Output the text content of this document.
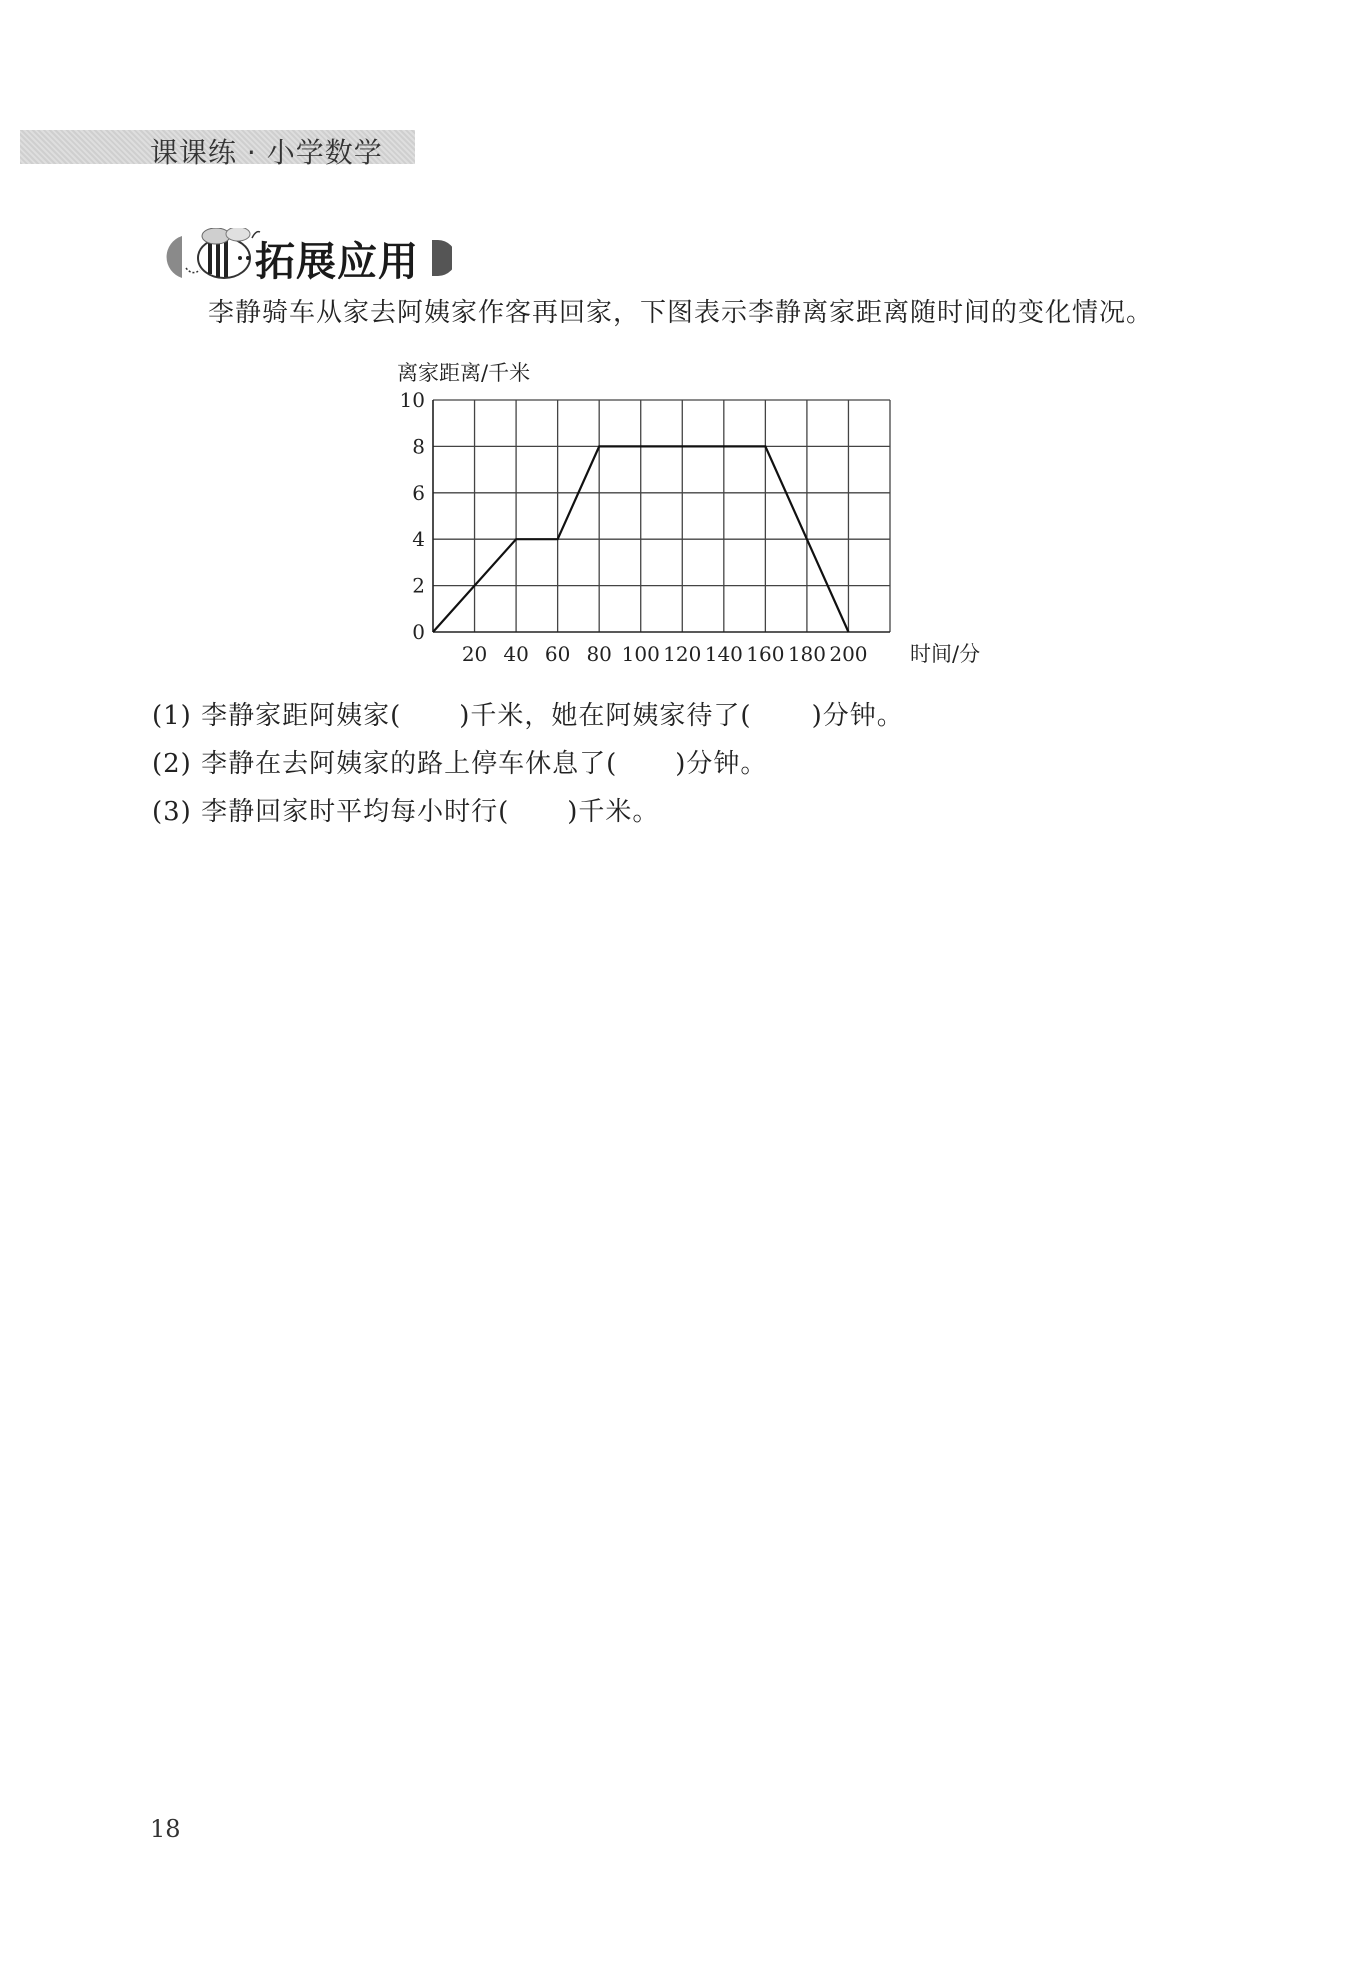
课课练 · 小学数学
拓展应用
李静骑车从家去阿姨家作客再回家，下图表示李静离家距离随时间的变化情况。
0
2
4
6
8
10
20 40 60 80 100 120 140 160 180 200
离家距离/千米
时间/分
(1) 李静家距阿姨家( )千米，她在阿姨家待了( )分钟。
(2) 李静在去阿姨家的路上停车休息了( )分钟。
(3) 李静回家时平均每小时行( )千米。
18
